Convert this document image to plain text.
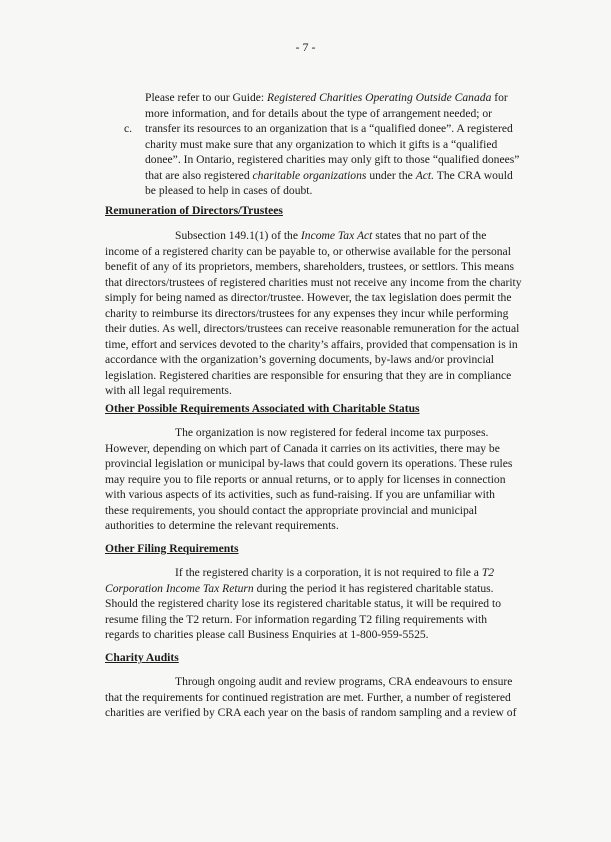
- 7 -
Please refer to our Guide: Registered Charities Operating Outside Canada for
more information, and for details about the type of arrangement needed; or
c. transfer its resources to an organization that is a “qualified donee”. A registered
charity must make sure that any organization to which it gifts is a “qualified
donee”. In Ontario, registered charities may only gift to those “qualified donees”
that are also registered charitable organizations under the Act. The CRA would
be pleased to help in cases of doubt.
Remuneration of Directors/Trustees
Subsection 149.1(1) of the Income Tax Act states that no part of the
income of a registered charity can be payable to, or otherwise available for the personal
benefit of any of its proprietors, members, shareholders, trustees, or settlors. This means
that directors/trustees of registered charities must not receive any income from the charity
simply for being named as director/trustee. However, the tax legislation does permit the
charity to reimburse its directors/trustees for any expenses they incur while performing
their duties. As well, directors/trustees can receive reasonable remuneration for the actual
time, effort and services devoted to the charity’s affairs, provided that compensation is in
accordance with the organization’s governing documents, by-laws and/or provincial
legislation. Registered charities are responsible for ensuring that they are in compliance
with all legal requirements.
Other Possible Requirements Associated with Charitable Status
The organization is now registered for federal income tax purposes.
However, depending on which part of Canada it carries on its activities, there may be
provincial legislation or municipal by-laws that could govern its operations. These rules
may require you to file reports or annual returns, or to apply for licenses in connection
with various aspects of its activities, such as fund-raising. If you are unfamiliar with
these requirements, you should contact the appropriate provincial and municipal
authorities to determine the relevant requirements.
Other Filing Requirements
If the registered charity is a corporation, it is not required to file a T2
Corporation Income Tax Return during the period it has registered charitable status.
Should the registered charity lose its registered charitable status, it will be required to
resume filing the T2 return. For information regarding T2 filing requirements with
regards to charities please call Business Enquiries at 1-800-959-5525.
Charity Audits
Through ongoing audit and review programs, CRA endeavours to ensure
that the requirements for continued registration are met. Further, a number of registered
charities are verified by CRA each year on the basis of random sampling and a review of
